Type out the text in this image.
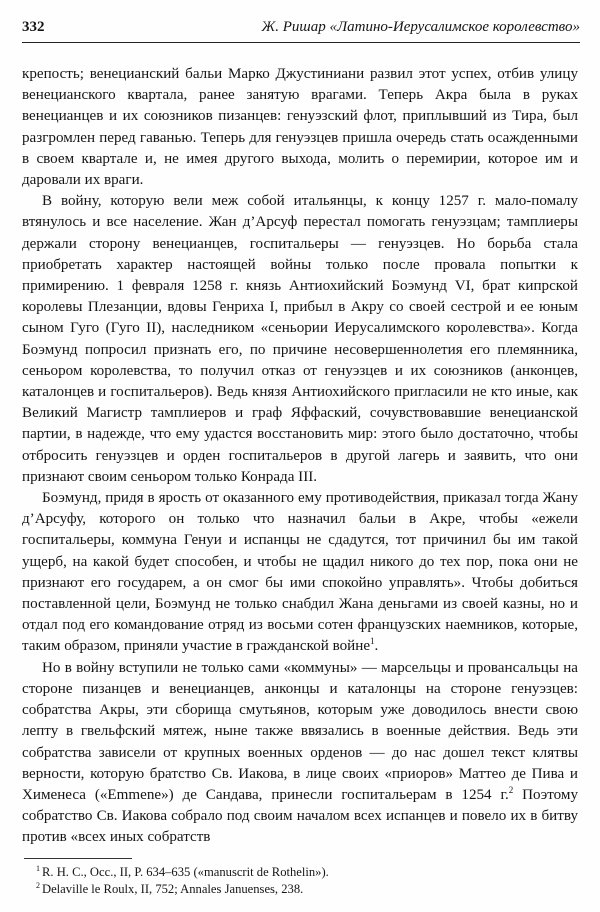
332	Ж. Ришар «Латино-Иерусалимское королевство»

крепость; венецианский бальи Марко Джустиниани развил этот успех, отбив улицу венецианского квартала, ранее занятую врагами. Теперь Акра была в руках венецианцев и их союзников пизанцев: генуэзский флот, приплывший из Тира, был разгромлен перед гаванью. Теперь для генуэзцев пришла очередь стать осажденными в своем квартале и, не имея другого выхода, молить о перемирии, которое им и даровали их враги.

В войну, которую вели меж собой итальянцы, к концу 1257 г. мало-помалу втянулось и все население. Жан д’Арсуф перестал помогать генуэзцам; тамплиеры держали сторону венецианцев, госпитальеры — генуэзцев. Но борьба стала приобретать характер настоящей войны только после провала попытки к примирению. 1 февраля 1258 г. князь Антиохийский Боэмунд VI, брат кипрской королевы Плезанции, вдовы Генриха I, прибыл в Акру со своей сестрой и ее юным сыном Гуго (Гуго II), наследником «сеньории Иерусалимского королевства». Когда Боэмунд попросил признать его, по причине несовершеннолетия его племянника, сеньором королевства, то получил отказ от генуэзцев и их союзников (анконцев, каталонцев и госпитальеров). Ведь князя Антиохийского пригласили не кто иные, как Великий Магистр тамплиеров и граф Яффаский, сочувствовавшие венецианской партии, в надежде, что ему удастся восстановить мир: этого было достаточно, чтобы отбросить генуэзцев и орден госпитальеров в другой лагерь и заявить, что они признают своим сеньором только Конрада III.

Боэмунд, придя в ярость от оказанного ему противодействия, приказал тогда Жану д’Арсуфу, которого он только что назначил бальи в Акре, чтобы «ежели госпитальеры, коммуна Генуи и испанцы не сдадутся, тот причинил бы им такой ущерб, на какой будет способен, и чтобы не щадил никого до тех пор, пока они не признают его государем, а он смог бы ими спокойно управлять». Чтобы добиться поставленной цели, Боэмунд не только снабдил Жана деньгами из своей казны, но и отдал под его командование отряд из восьми сотен французских наемников, которые, таким образом, приняли участие в гражданской войне$^1$.

Но в войну вступили не только сами «коммуны» — марсельцы и провансальцы на стороне пизанцев и венецианцев, анконцы и каталонцы на стороне генуэзцев: собратства Акры, эти сборища смутьянов, которым уже доводилось внести свою лепту в гвельфский мятеж, ныне также ввязались в военные действия. Ведь эти собратства зависели от крупных военных орденов — до нас дошел текст клятвы верности, которую братство Св. Иакова, в лице своих «приоров» Маттео де Пива и Хименеса («Emmene») де Сандава, принесли госпитальерам в 1254 г.$^2$ Поэтому собратство Св. Иакова собрало под своим началом всех испанцев и повело их в битву против «всех иных собратств

$^1$ R. H. C., Occ., II, P. 634–635 («manuscrit de Rothelin»).
$^2$ Delaville le Roulx, II, 752; Annales Januenses, 238.
